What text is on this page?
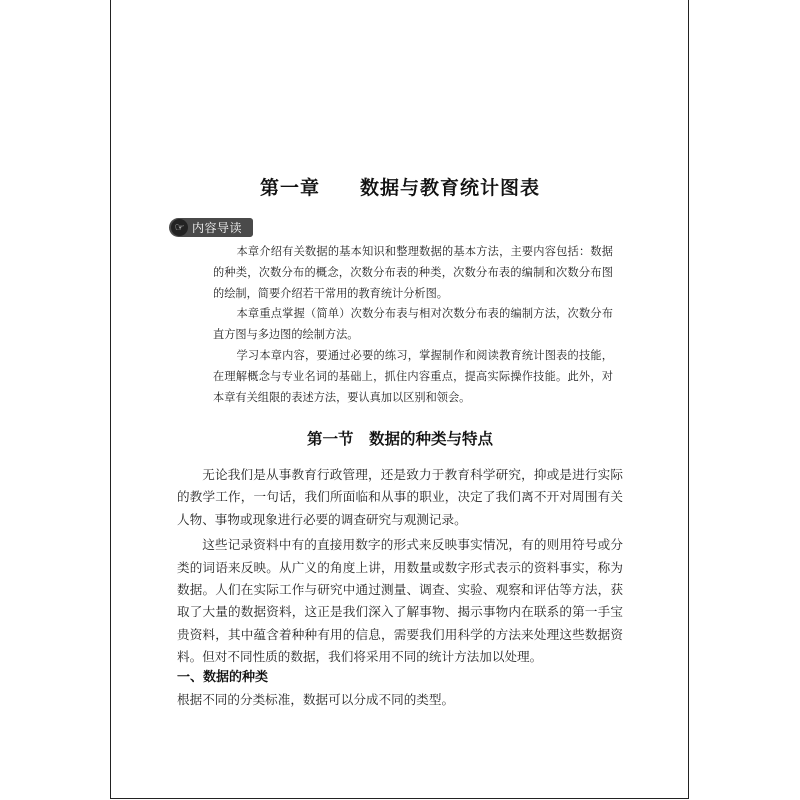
第一章　　数据与教育统计图表
☞ 内容导读

本章介绍有关数据的基本知识和整理数据的基本方法，主要内容包括：数据的种类，次数分布的概念，次数分布表的种类，次数分布表的编制和次数分布图的绘制，简要介绍若干常用的教育统计分析图。

本章重点掌握（简单）次数分布表与相对次数分布表的编制方法，次数分布直方图与多边图的绘制方法。

学习本章内容，要通过必要的练习，掌握制作和阅读教育统计图表的技能，在理解概念与专业名词的基础上，抓住内容重点，提高实际操作技能。此外，对本章有关组限的表述方法，要认真加以区别和领会。

第一节　数据的种类与特点

无论我们是从事教育行政管理，还是致力于教育科学研究，抑或是进行实际的教学工作，一句话，我们所面临和从事的职业，决定了我们离不开对周围有关人物、事物或现象进行必要的调查研究与观测记录。

这些记录资料中有的直接用数字的形式来反映事实情况，有的则用符号或分类的词语来反映。从广义的角度上讲，用数量或数字形式表示的资料事实，称为数据。人们在实际工作与研究中通过测量、调查、实验、观察和评估等方法，获取了大量的数据资料，这正是我们深入了解事物、揭示事物内在联系的第一手宝贵资料，其中蕴含着种种有用的信息，需要我们用科学的方法来处理这些数据资料。但对不同性质的数据，我们将采用不同的统计方法加以处理。

一、数据的种类
根据不同的分类标准，数据可以分成不同的类型。
